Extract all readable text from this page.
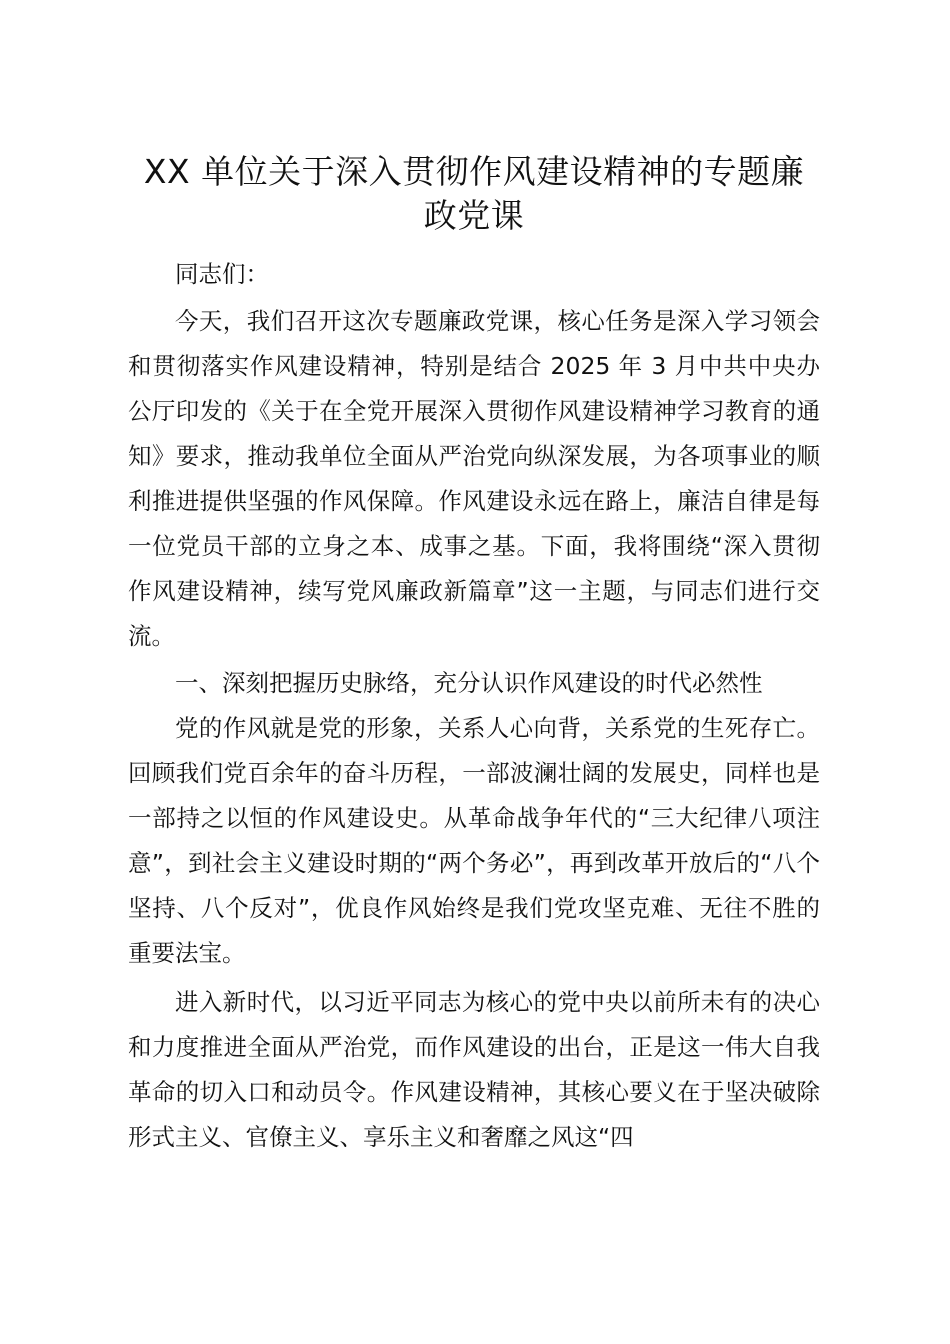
XX 单位关于深入贯彻作风建设精神的专题廉政党课

同志们：

今天，我们召开这次专题廉政党课，核心任务是深入学习领会和贯彻落实作风建设精神，特别是结合 2025 年 3 月中共中央办公厅印发的《关于在全党开展深入贯彻作风建设精神学习教育的通知》要求，推动我单位全面从严治党向纵深发展，为各项事业的顺利推进提供坚强的作风保障。作风建设永远在路上，廉洁自律是每一位党员干部的立身之本、成事之基。下面，我将围绕“深入贯彻作风建设精神，续写党风廉政新篇章”这一主题，与同志们进行交流。

一、深刻把握历史脉络，充分认识作风建设的时代必然性

党的作风就是党的形象，关系人心向背，关系党的生死存亡。回顾我们党百余年的奋斗历程，一部波澜壮阔的发展史，同样也是一部持之以恒的作风建设史。从革命战争年代的“三大纪律八项注意”，到社会主义建设时期的“两个务必”，再到改革开放后的“八个坚持、八个反对”，优良作风始终是我们党攻坚克难、无往不胜的重要法宝。

进入新时代，以习近平同志为核心的党中央以前所未有的决心和力度推进全面从严治党，而作风建设的出台，正是这一伟大自我革命的切入口和动员令。作风建设精神，其核心要义在于坚决破除形式主义、官僚主义、享乐主义和奢靡之风这“四
